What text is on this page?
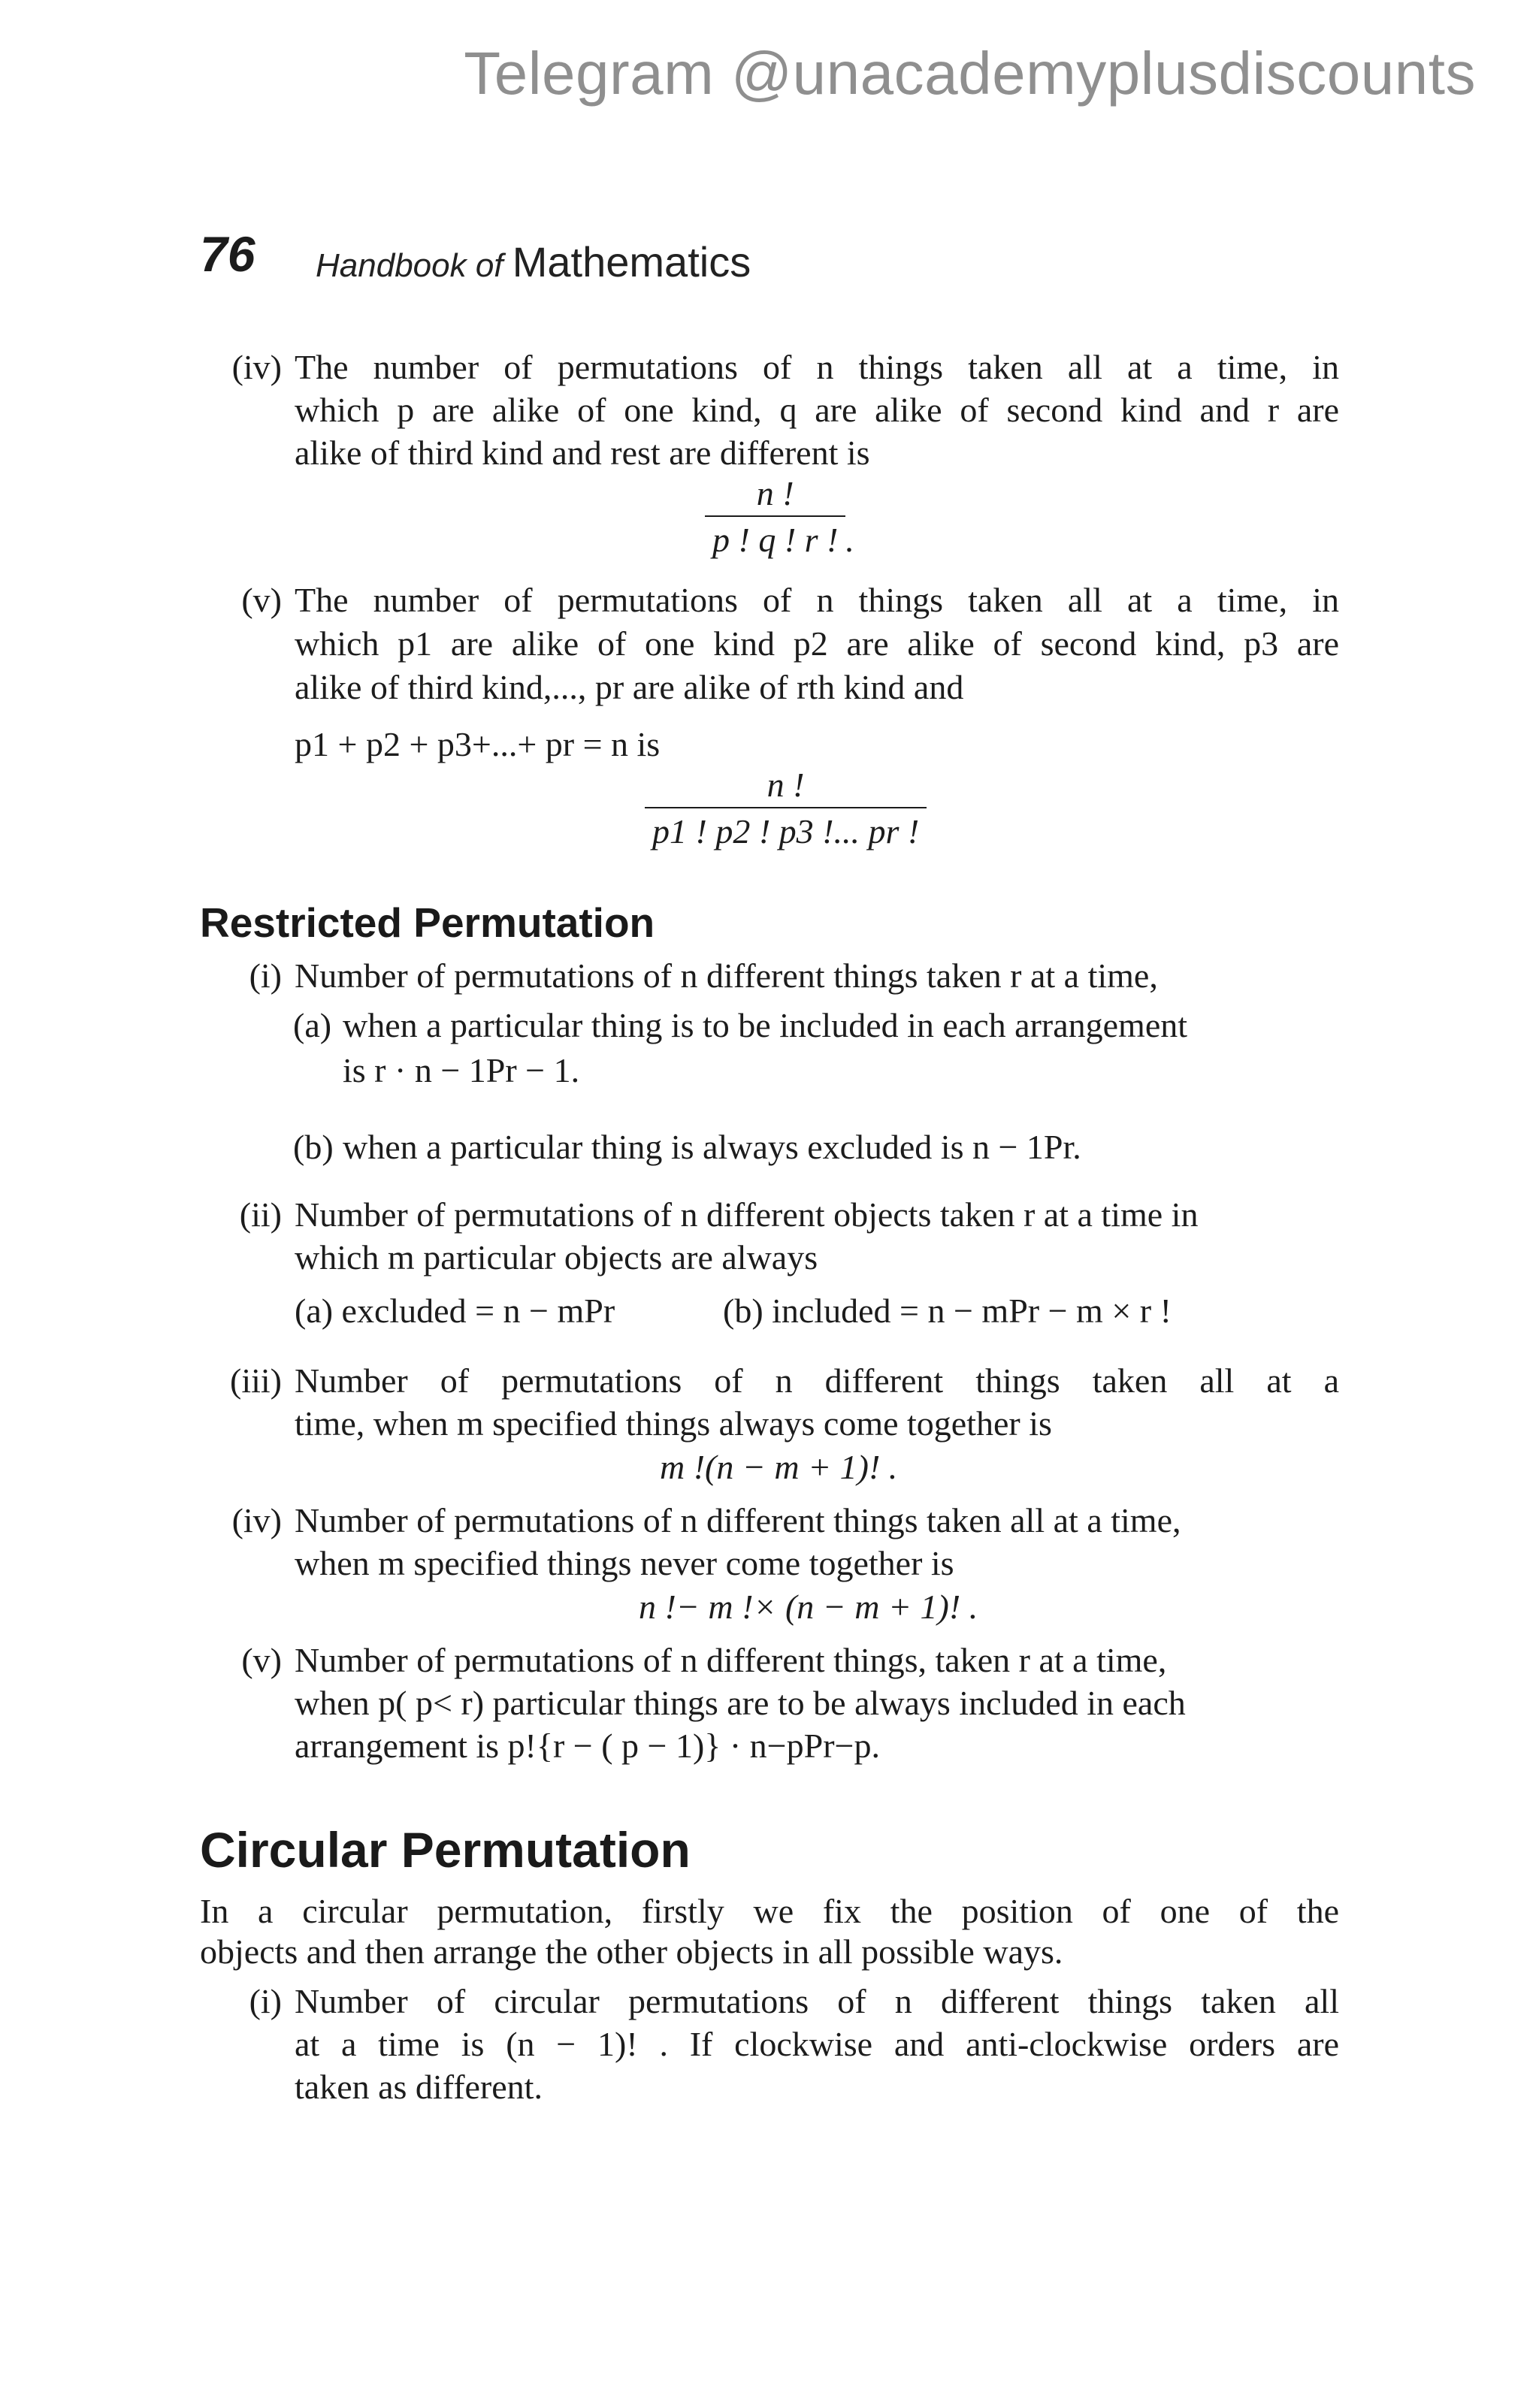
Telegram @unacademyplusdiscounts
76 Handbook of Mathematics
(iv) The number of permutations of n things taken all at a time, in
which p are alike of one kind, q are alike of second kind and r are
alike of third kind and rest are different is
$\frac{n !}{p ! q ! r !}$ .
(v) The number of permutations of n things taken all at a time, in
which p1 are alike of one kind p2 are alike of second kind, p3 are
alike of third kind,..., pr are alike of rth kind and
p1 + p2 + p3+...+ pr = n is
$\frac{n !}{p1 ! p2 ! p3 !... pr !}$
Restricted Permutation
(i) Number of permutations of n different things taken r at a time,
(a) when a particular thing is to be included in each arrangement
is r · n − 1Pr − 1.
(b) when a particular thing is always excluded is n − 1Pr.
(ii) Number of permutations of n different objects taken r at a time in
which m particular objects are always
(a) excluded = n − mPr	(b) included = n − mPr − m × r !
(iii) Number of permutations of n different things taken all at a
time, when m specified things always come together is
m !(n − m + 1)! .
(iv) Number of permutations of n different things taken all at a time,
when m specified things never come together is
n !− m !× (n − m + 1)! .
(v) Number of permutations of n different things, taken r at a time,
when p( p< r) particular things are to be always included in each
arrangement is p!{r − ( p − 1)} · n−pPr−p.
Circular Permutation
In a circular permutation, firstly we fix the position of one of the
objects and then arrange the other objects in all possible ways.
(i) Number of circular permutations of n different things taken all
at a time is (n − 1)! . If clockwise and anti-clockwise orders are
taken as different.
